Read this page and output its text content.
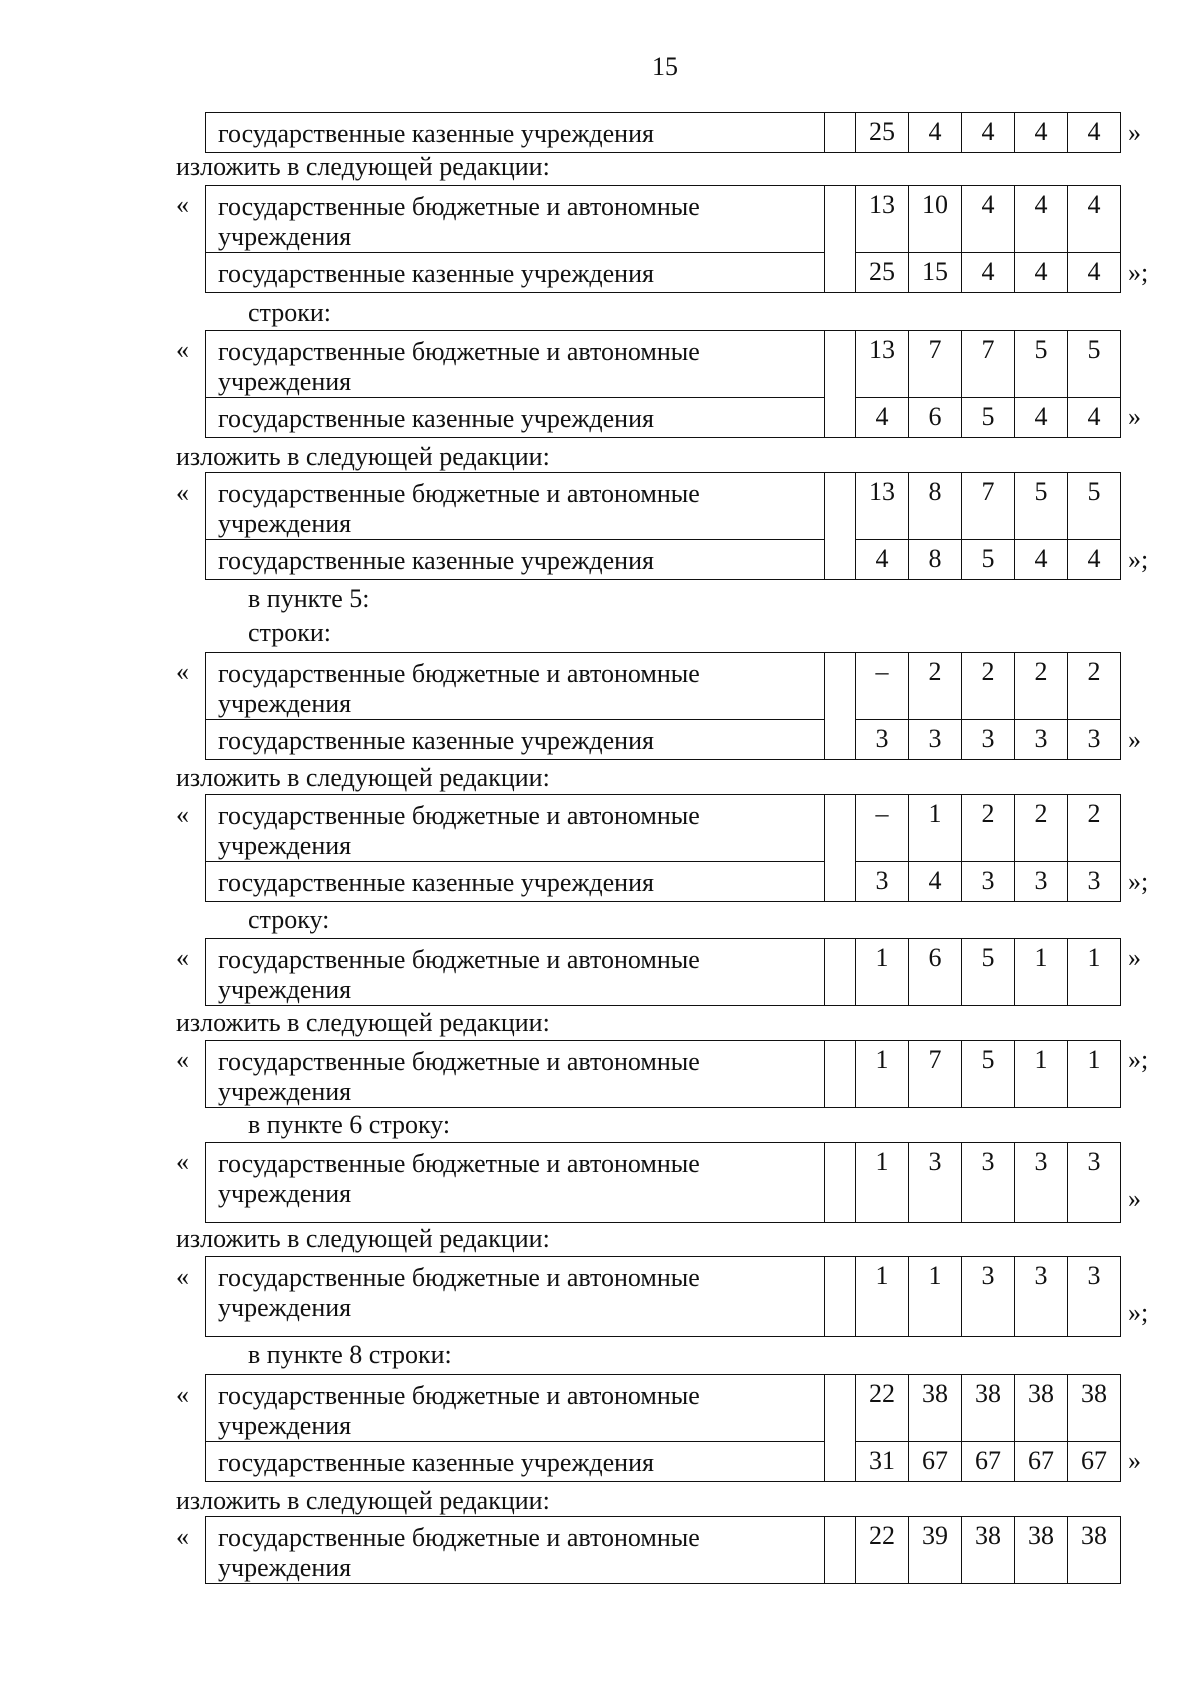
15
государственные казенные учреждения		25	4	4	4	4 »
изложить в следующей редакции:
« государственные бюджетные и автономные
учреждения		13	10	4	4	4
государственные казенные учреждения		25	15	4	4	4 »;
строки:
« государственные бюджетные и автономные
учреждения		13	7	7	5	5
государственные казенные учреждения		4	6	5	4	4 »
изложить в следующей редакции:
« государственные бюджетные и автономные
учреждения		13	8	7	5	5
государственные казенные учреждения		4	8	5	4	4 »;
в пункте 5:
строки:
« государственные бюджетные и автономные
учреждения		–	2	2	2	2
государственные казенные учреждения		3	3	3	3	3 »
изложить в следующей редакции:
« государственные бюджетные и автономные
учреждения		–	1	2	2	2
государственные казенные учреждения		3	4	3	3	3 »;
строку:
« государственные бюджетные и автономные
учреждения
		1	6	5	1	1 »
изложить в следующей редакции:
« государственные бюджетные и автономные
учреждения
		1	7	5	1	1 »;
в пункте 6 строку:
« государственные бюджетные и автономные
учреждения
		1	3	3	3	3
»
изложить в следующей редакции:
« государственные бюджетные и автономные
учреждения
		1	1	3	3	3
»;
в пункте 8 строки:
« государственные бюджетные и автономные
учреждения		22	38	38	38	38
государственные казенные учреждения		31	67	67	67	67 »
изложить в следующей редакции:
« государственные бюджетные и автономные
учреждения
		22	39	38	38	38
